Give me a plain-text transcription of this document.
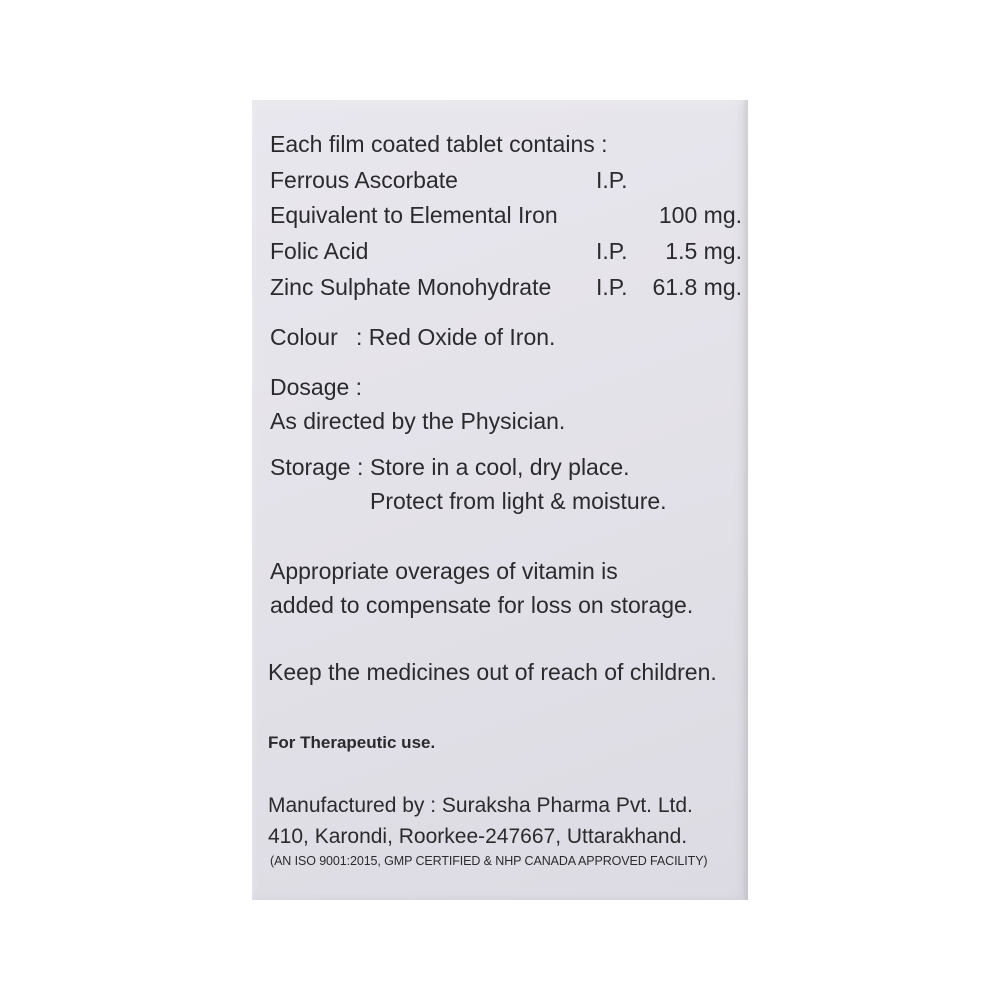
Each film coated tablet contains :
Ferrous Ascorbate	I.P.
Equivalent to Elemental Iron	100 mg.
Folic Acid	I.P.	1.5 mg.
Zinc Sulphate Monohydrate I.P.	61.8 mg.
Colour : Red Oxide of Iron.
Dosage :
As directed by the Physician.
Storage : Store in a cool, dry place.
Protect from light & moisture.
Appropriate overages of vitamin is
added to compensate for loss on storage.
Keep the medicines out of reach of children.
For Therapeutic use.
Manufactured by : Suraksha Pharma Pvt. Ltd.
410, Karondi, Roorkee-247667, Uttarakhand.
(AN ISO 9001:2015, GMP CERTIFIED & NHP CANADA APPROVED FACILITY)
